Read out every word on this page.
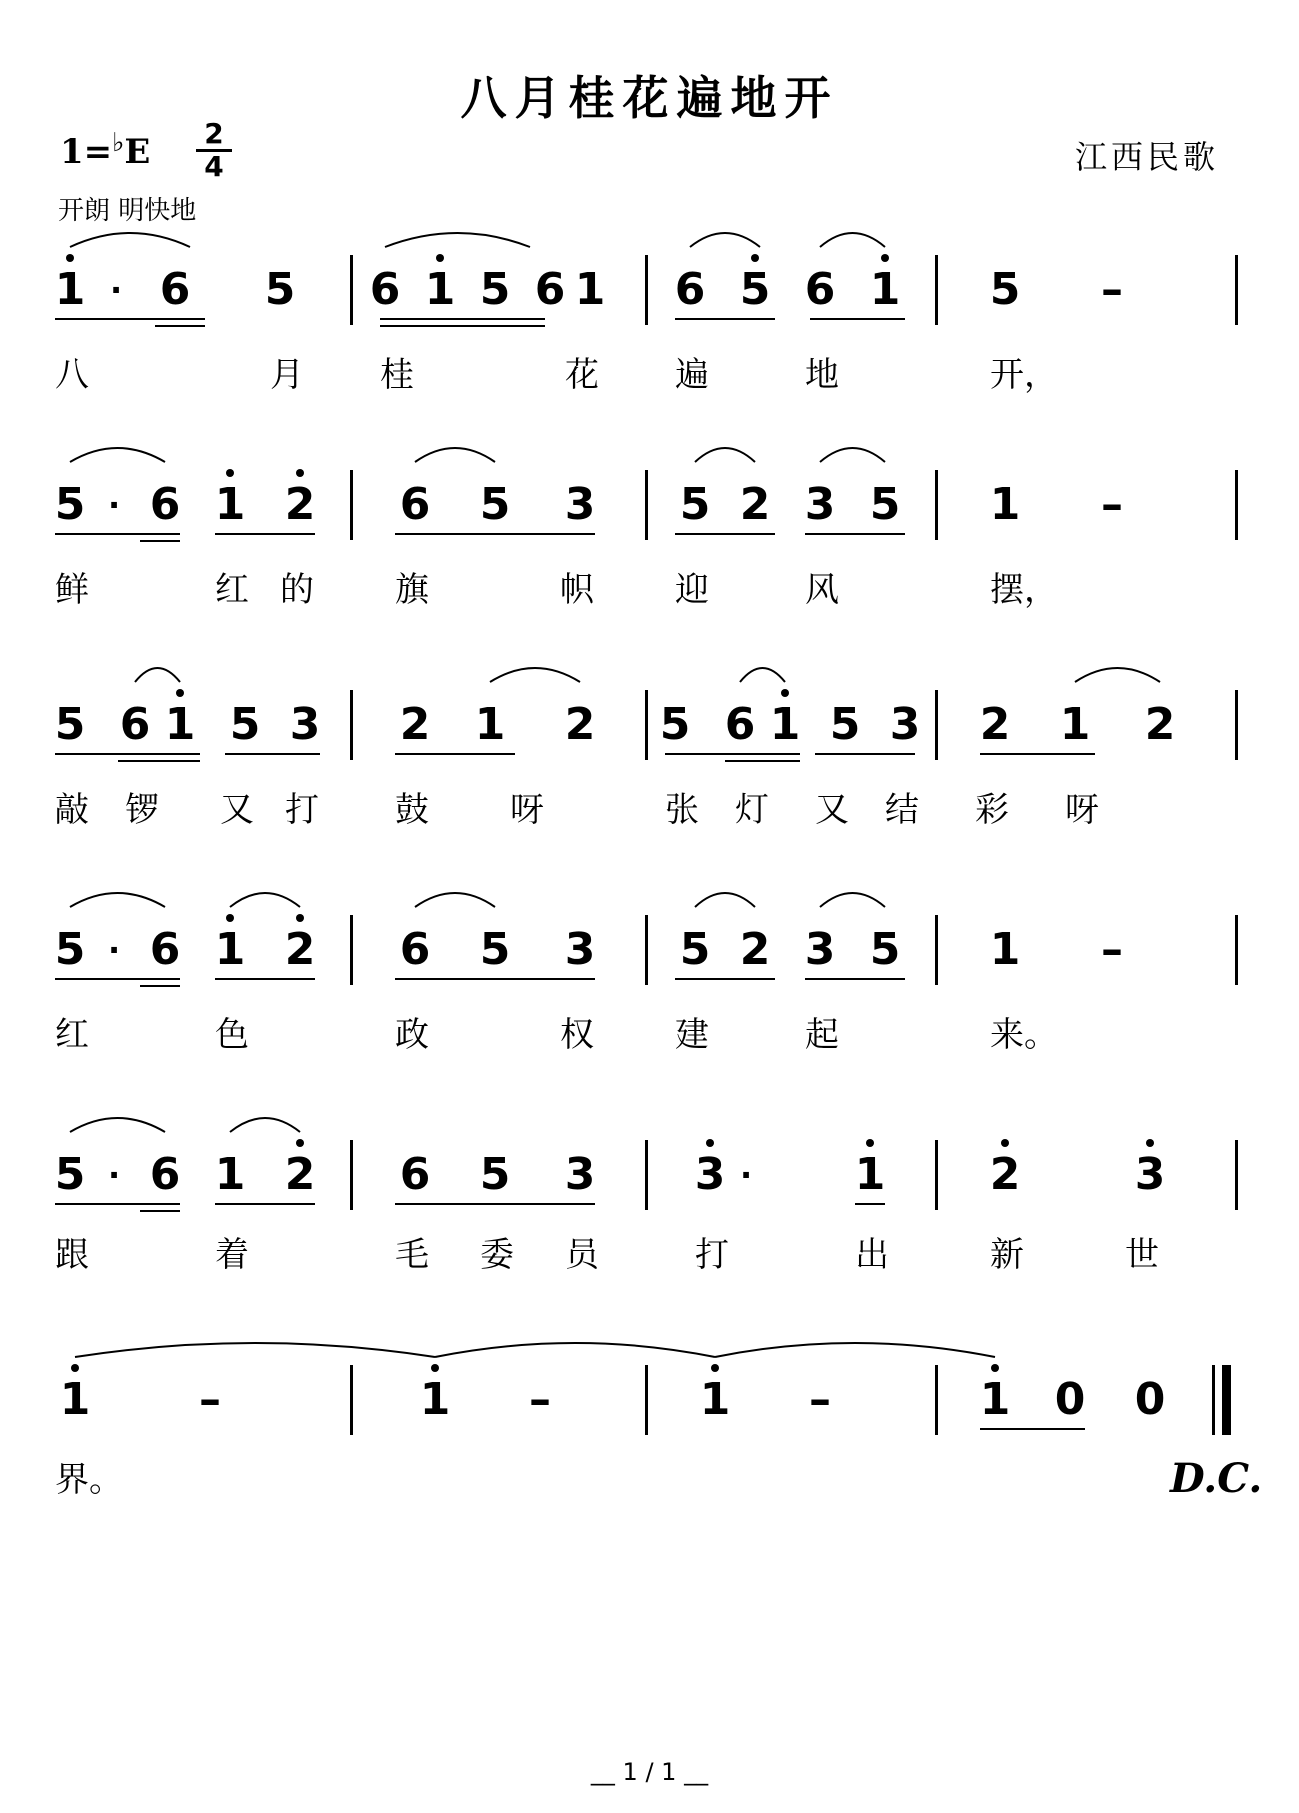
八月桂花遍地开
1=♭E 2
4
开朗 明快地
江西民歌
1 6 5 6 1 5 6 1 6 5 6 1 5 –
·
八	月 桂	花 遍	地	开，
5 6 1 2 6 5 3 5 2 3 5 1 –
·
鲜	红 的 旗	帜 迎	风	摆，
5 6 1 5 3 2 1 2 5 6 1 5 3 2 1 2
敲 锣 又 打 鼓 呀	张 灯 又 结 彩 呀
5 6 1 2 6 5 3 5 2 3 5 1 –
·
红	色	政	权 建	起	来。
5 6 1 2 6 5 3 3	1 2	3
·	·
跟	着	毛 委 员	打	出	新	世
1 –	1 –	1 –	1 0 0
界。	D.C.
__ 1 / 1 __
